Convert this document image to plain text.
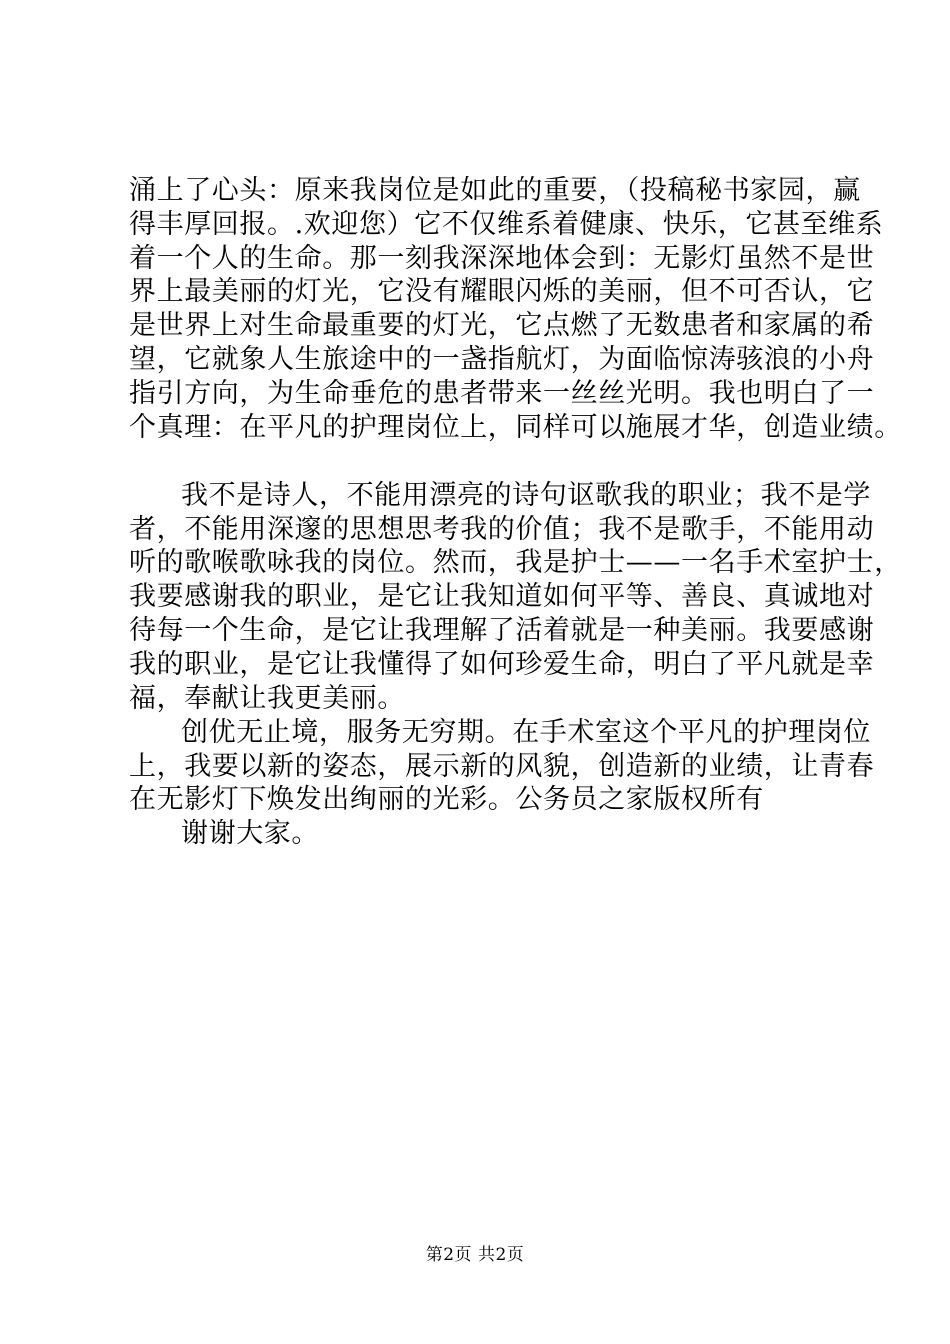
涌上了心头：原来我岗位是如此的重要，（投稿秘书家园，赢
得丰厚回报。.欢迎您）它不仅维系着健康、快乐，它甚至维系
着一个人的生命。那一刻我深深地体会到：无影灯虽然不是世
界上最美丽的灯光，它没有耀眼闪烁的美丽，但不可否认，它
是世界上对生命最重要的灯光，它点燃了无数患者和家属的希
望，它就象人生旅途中的一盏指航灯，为面临惊涛骇浪的小舟
指引方向，为生命垂危的患者带来一丝丝光明。我也明白了一
个真理：在平凡的护理岗位上，同样可以施展才华，创造业绩。
我不是诗人，不能用漂亮的诗句讴歌我的职业；我不是学
者，不能用深邃的思想思考我的价值；我不是歌手，不能用动
听的歌喉歌咏我的岗位。然而，我是护士——一名手术室护士，
我要感谢我的职业，是它让我知道如何平等、善良、真诚地对
待每一个生命，是它让我理解了活着就是一种美丽。我要感谢
我的职业，是它让我懂得了如何珍爱生命，明白了平凡就是幸
福，奉献让我更美丽。
创优无止境，服务无穷期。在手术室这个平凡的护理岗位
上，我要以新的姿态，展示新的风貌，创造新的业绩，让青春
在无影灯下焕发出绚丽的光彩。公务员之家版权所有
谢谢大家。
第2页 共2页
